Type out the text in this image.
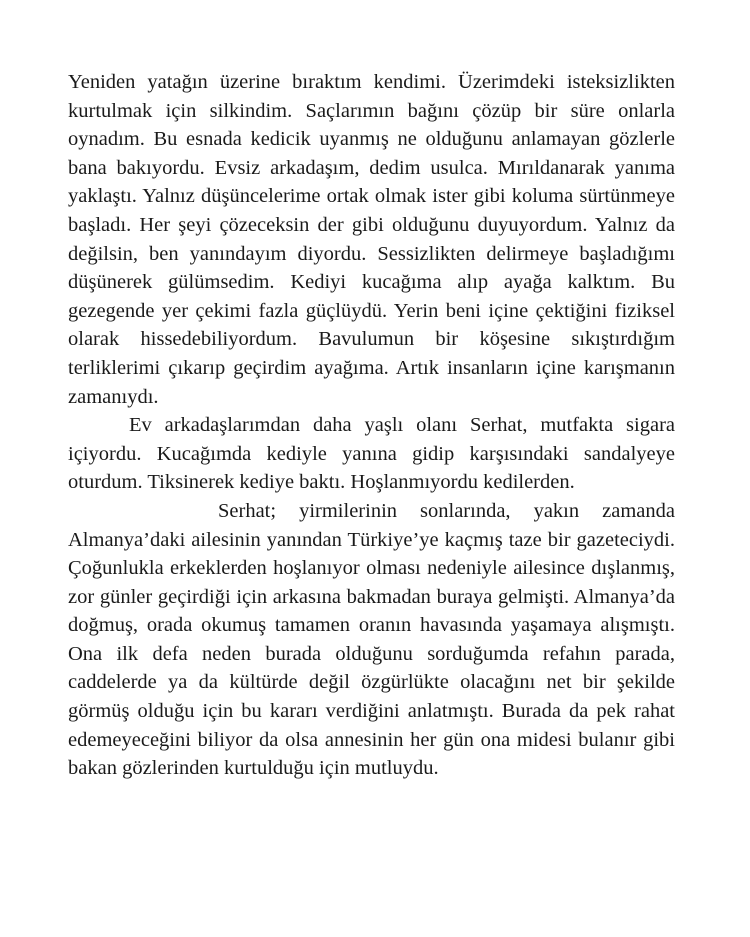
Yeniden yatağın üzerine bıraktım kendimi. Üzerimdeki isteksizlikten kurtulmak için silkindim. Saçlarımın bağını çözüp bir süre onlarla oynadım. Bu esnada kedicik uyanmış ne olduğunu anlamayan gözlerle bana bakıyordu. Evsiz arkadaşım, dedim usulca. Mırıldanarak yanıma yaklaştı. Yalnız düşüncelerime ortak olmak ister gibi koluma sürtünmeye başladı. Her şeyi çözeceksin der gibi olduğunu duyuyordum. Yalnız da değilsin, ben yanındayım diyordu. Sessizlikten delirmeye başladığımı düşünerek gülümsedim. Kediyi kucağıma alıp ayağa kalktım. Bu gezegende yer çekimi fazla güçlüydü. Yerin beni içine çektiğini fiziksel olarak hissedebiliyordum. Bavulumun bir köşesine sıkıştırdığım terliklerimi çıkarıp geçirdim ayağıma. Artık insanların içine karışmanın zamanıydı.

Ev arkadaşlarımdan daha yaşlı olanı Serhat, mutfakta sigara içiyordu. Kucağımda kediyle yanına gidip karşısındaki sandalyeye oturdum. Tiksinerek kediye baktı. Hoşlanmıyordu kedilerden.

Serhat; yirmilerinin sonlarında, yakın zamanda Almanya’daki ailesinin yanından Türkiye’ye kaçmış taze bir gazeteciydi. Çoğunlukla erkeklerden hoşlanıyor olması nedeniyle ailesince dışlanmış, zor günler geçirdiği için arkasına bakmadan buraya gelmişti. Almanya’da doğmuş, orada okumuş tamamen oranın havasında yaşamaya alışmıştı. Ona ilk defa neden burada olduğunu sorduğumda refahın parada, caddelerde ya da kültürde değil özgürlükte olacağını net bir şekilde görmüş olduğu için bu kararı verdiğini anlatmıştı. Burada da pek rahat edemeyeceğini biliyor da olsa annesinin her gün ona midesi bulanır gibi bakan gözlerinden kurtulduğu için mutluydu.
